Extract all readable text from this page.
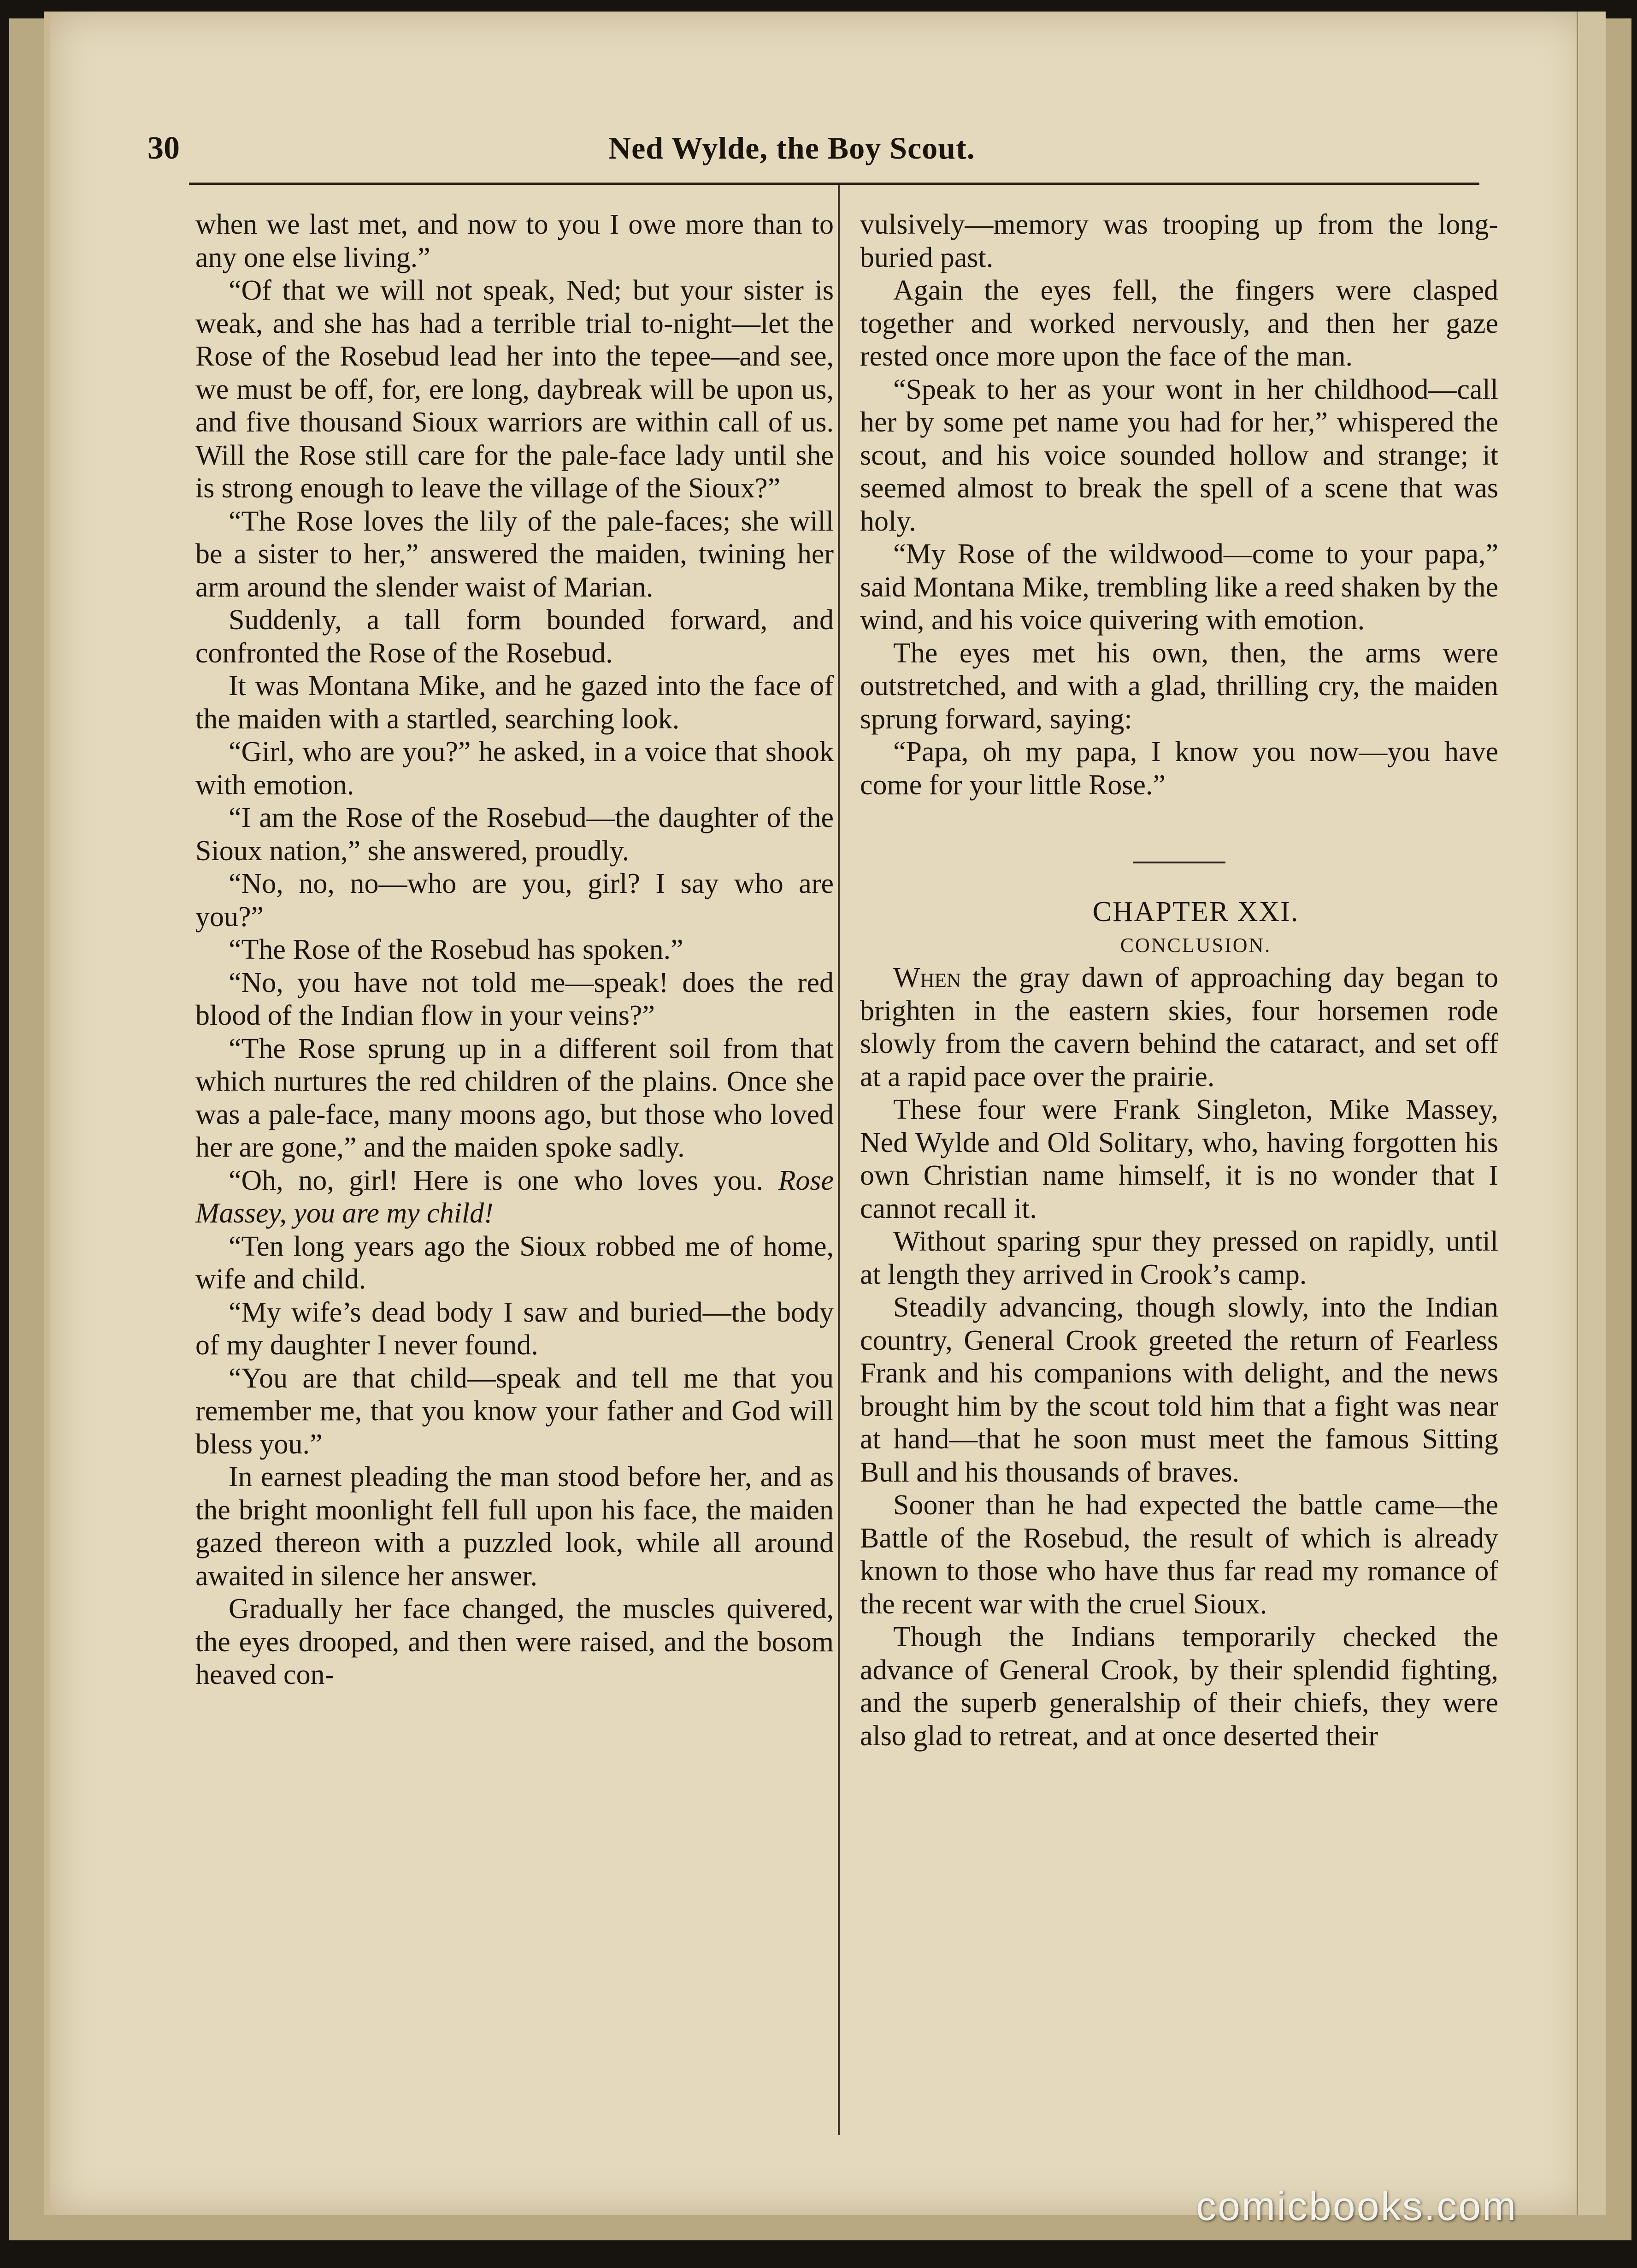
30	Ned Wylde, the Boy Scout.

when we last met, and now to you I owe more than to any one else living.”

“Of that we will not speak, Ned; but your sister is weak, and she has had a terrible trial to-night—let the Rose of the Rosebud lead her into the tepee—and see, we must be off, for, ere long, daybreak will be upon us, and five thousand Sioux warriors are within call of us. Will the Rose still care for the pale-face lady until she is strong enough to leave the village of the Sioux?”

“The Rose loves the lily of the pale-faces; she will be a sister to her,” answered the maiden, twining her arm around the slender waist of Marian.

Suddenly, a tall form bounded forward, and confronted the Rose of the Rosebud.

It was Montana Mike, and he gazed into the face of the maiden with a startled, searching look.

“Girl, who are you?” he asked, in a voice that shook with emotion.

“I am the Rose of the Rosebud—the daughter of the Sioux nation,” she answered, proudly.

“No, no, no—who are you, girl? I say who are you?”

“The Rose of the Rosebud has spoken.”

“No, you have not told me—speak! does the red blood of the Indian flow in your veins?”

“The Rose sprung up in a different soil from that which nurtures the red children of the plains. Once she was a pale-face, many moons ago, but those who loved her are gone,” and the maiden spoke sadly.

“Oh, no, girl! Here is one who loves you. Rose Massey, you are my child!

“Ten long years ago the Sioux robbed me of home, wife and child.

“My wife’s dead body I saw and buried—the body of my daughter I never found.

“You are that child—speak and tell me that you remember me, that you know your father and God will bless you.”

In earnest pleading the man stood before her, and as the bright moonlight fell full upon his face, the maiden gazed thereon with a puzzled look, while all around awaited in silence her answer.

Gradually her face changed, the muscles quivered, the eyes drooped, and then were raised, and the bosom heaved con-

vulsively—memory was trooping up from the long-buried past.

Again the eyes fell, the fingers were clasped together and worked nervously, and then her gaze rested once more upon the face of the man.

“Speak to her as your wont in her childhood—call her by some pet name you had for her,” whispered the scout, and his voice sounded hollow and strange; it seemed almost to break the spell of a scene that was holy.

“My Rose of the wildwood—come to your papa,” said Montana Mike, trembling like a reed shaken by the wind, and his voice quivering with emotion.

The eyes met his own, then, the arms were outstretched, and with a glad, thrilling cry, the maiden sprung forward, saying:

“Papa, oh my papa, I know you now—you have come for your little Rose.”

CHAPTER XXI.

CONCLUSION.

When the gray dawn of approaching day began to brighten in the eastern skies, four horsemen rode slowly from the cavern behind the cataract, and set off at a rapid pace over the prairie.

These four were Frank Singleton, Mike Massey, Ned Wylde and Old Solitary, who, having forgotten his own Christian name himself, it is no wonder that I cannot recall it.

Without sparing spur they pressed on rapidly, until at length they arrived in Crook’s camp.

Steadily advancing, though slowly, into the Indian country, General Crook greeted the return of Fearless Frank and his companions with delight, and the news brought him by the scout told him that a fight was near at hand—that he soon must meet the famous Sitting Bull and his thousands of braves.

Sooner than he had expected the battle came—the Battle of the Rosebud, the result of which is already known to those who have thus far read my romance of the recent war with the cruel Sioux.

Though the Indians temporarily checked the advance of General Crook, by their splendid fighting, and the superb generalship of their chiefs, they were also glad to retreat, and at once deserted their

comicbooks.com
